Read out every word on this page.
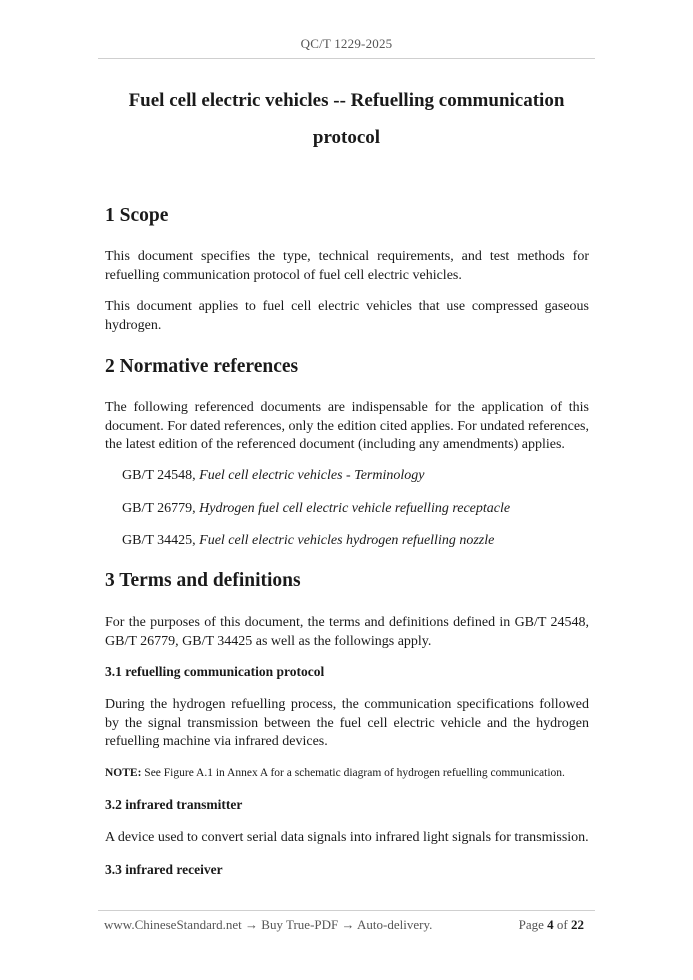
QC/T 1229-2025
Fuel cell electric vehicles -- Refuelling communication
protocol
1 Scope
This document specifies the type, technical requirements, and test methods for refuelling communication protocol of fuel cell electric vehicles.
This document applies to fuel cell electric vehicles that use compressed gaseous hydrogen.
2 Normative references
The following referenced documents are indispensable for the application of this document. For dated references, only the edition cited applies. For undated references, the latest edition of the referenced document (including any amendments) applies.
GB/T 24548, Fuel cell electric vehicles - Terminology
GB/T 26779, Hydrogen fuel cell electric vehicle refuelling receptacle
GB/T 34425, Fuel cell electric vehicles hydrogen refuelling nozzle
3 Terms and definitions
For the purposes of this document, the terms and definitions defined in GB/T 24548, GB/T 26779, GB/T 34425 as well as the followings apply.
3.1 refuelling communication protocol
During the hydrogen refuelling process, the communication specifications followed by the signal transmission between the fuel cell electric vehicle and the hydrogen refuelling machine via infrared devices.
NOTE: See Figure A.1 in Annex A for a schematic diagram of hydrogen refuelling communication.
3.2 infrared transmitter
A device used to convert serial data signals into infrared light signals for transmission.
3.3 infrared receiver
www.ChineseStandard.net → Buy True-PDF → Auto-delivery.	Page 4 of 22
